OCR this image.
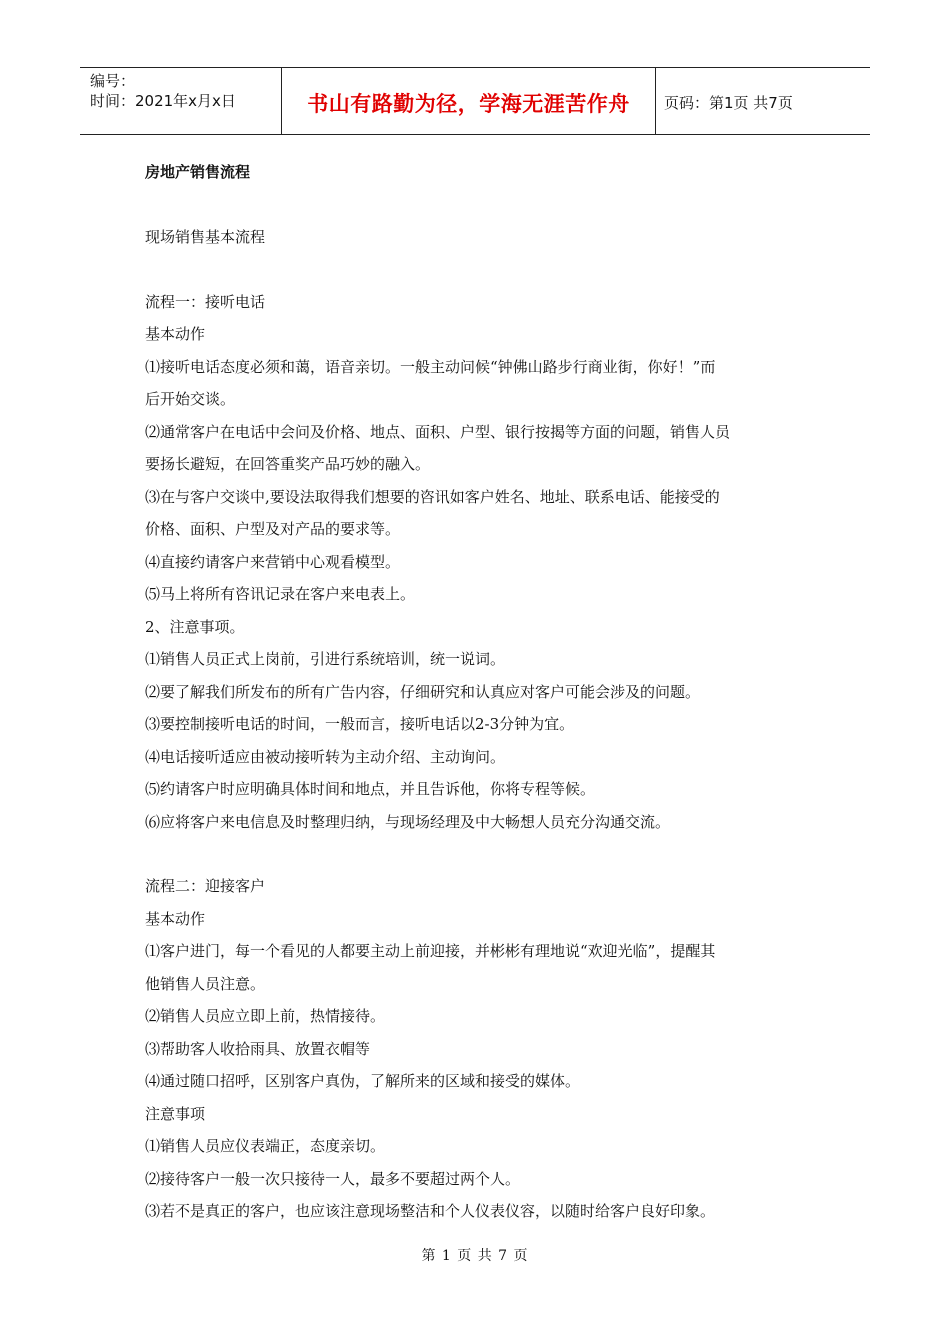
编号：
时间：2021年x月x日	书山有路勤为径，学海无涯苦作舟 页码：第1页 共7页

房地产销售流程

现场销售基本流程

流程一：接听电话

基本动作

⑴接听电话态度必须和蔼，语音亲切。一般主动问候“钟佛山路步行商业街，你好！”而

后开始交谈。

⑵通常客户在电话中会问及价格、地点、面积、户型、银行按揭等方面的问题，销售人员

要扬长避短，在回答重奖产品巧妙的融入。

⑶在与客户交谈中,要设法取得我们想要的咨讯如客户姓名、地址、联系电话、能接受的

价格、面积、户型及对产品的要求等。

⑷直接约请客户来营销中心观看模型。

⑸马上将所有咨讯记录在客户来电表上。

2、注意事项。

⑴销售人员正式上岗前，引进行系统培训，统一说词。

⑵要了解我们所发布的所有广告内容，仔细研究和认真应对客户可能会涉及的问题。

⑶要控制接听电话的时间，一般而言，接听电话以2-3分钟为宜。

⑷电话接听适应由被动接听转为主动介绍、主动询问。

⑸约请客户时应明确具体时间和地点，并且告诉他，你将专程等候。

⑹应将客户来电信息及时整理归纳，与现场经理及中大畅想人员充分沟通交流。

流程二：迎接客户

基本动作

⑴客户进门，每一个看见的人都要主动上前迎接，并彬彬有理地说“欢迎光临”，提醒其

他销售人员注意。

⑵销售人员应立即上前，热情接待。

⑶帮助客人收拾雨具、放置衣帽等

⑷通过随口招呼，区别客户真伪，了解所来的区域和接受的媒体。

注意事项

⑴销售人员应仪表端正，态度亲切。

⑵接待客户一般一次只接待一人，最多不要超过两个人。

⑶若不是真正的客户，也应该注意现场整洁和个人仪表仪容，以随时给客户良好印象。

第 1 页 共 7 页
